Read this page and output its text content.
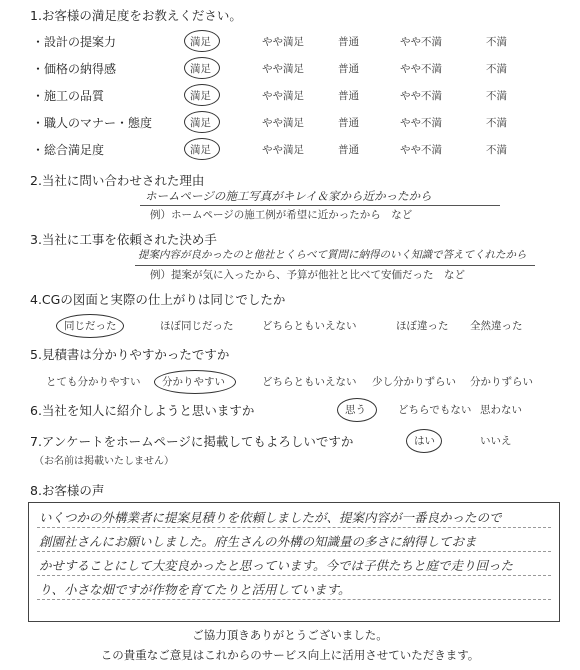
1.お客様の満足度をお教えください。
・設計の提案力	満足	やや満足	普通	やや不満	不満
・価格の納得感	満足	やや満足	普通	やや不満	不満
・施工の品質	満足	やや満足	普通	やや不満	不満
・職人のマナー・態度	満足	やや満足	普通	やや不満	不満
・総合満足度	満足	やや満足	普通	やや不満	不満
2.当社に問い合わせされた理由
ホームページの施工写真がキレイ＆家から近かったから
例）ホームページの施工例が希望に近かったから　など
3.当社に工事を依頼された決め手
提案内容が良かったのと他社とくらべて質問に納得のいく知識で答えてくれたから
例）提案が気に入ったから、予算が他社と比べて安価だった　など
4.CGの図面と実際の仕上がりは同じでしたか
同じだった	ほぼ同じだった	どちらともいえない	ほぼ違った 全然違った
5.見積書は分かりやすかったですか
とても分かりやすい 分かりやすい	どちらともいえない 少し分かりずらい 分かりずらい
6.当社を知人に紹介しようと思いますか	思う	どちらでもない 思わない
7.アンケートをホームページに掲載してもよろしいですか
（お名前は掲載いたしません）
はい	いいえ
8.お客様の声
いくつかの外構業者に提案見積りを依頼しましたが、提案内容が一番良かったので
創園社さんにお願いしました。府生さんの外構の知識量の多さに納得しておま
かせすることにして大変良かったと思っています。今では子供たちと庭で走り回った
り、小さな畑ですが作物を育てたりと活用しています。
ご協力頂きありがとうございました。
この貴重なご意見はこれからのサービス向上に活用させていただきます。
